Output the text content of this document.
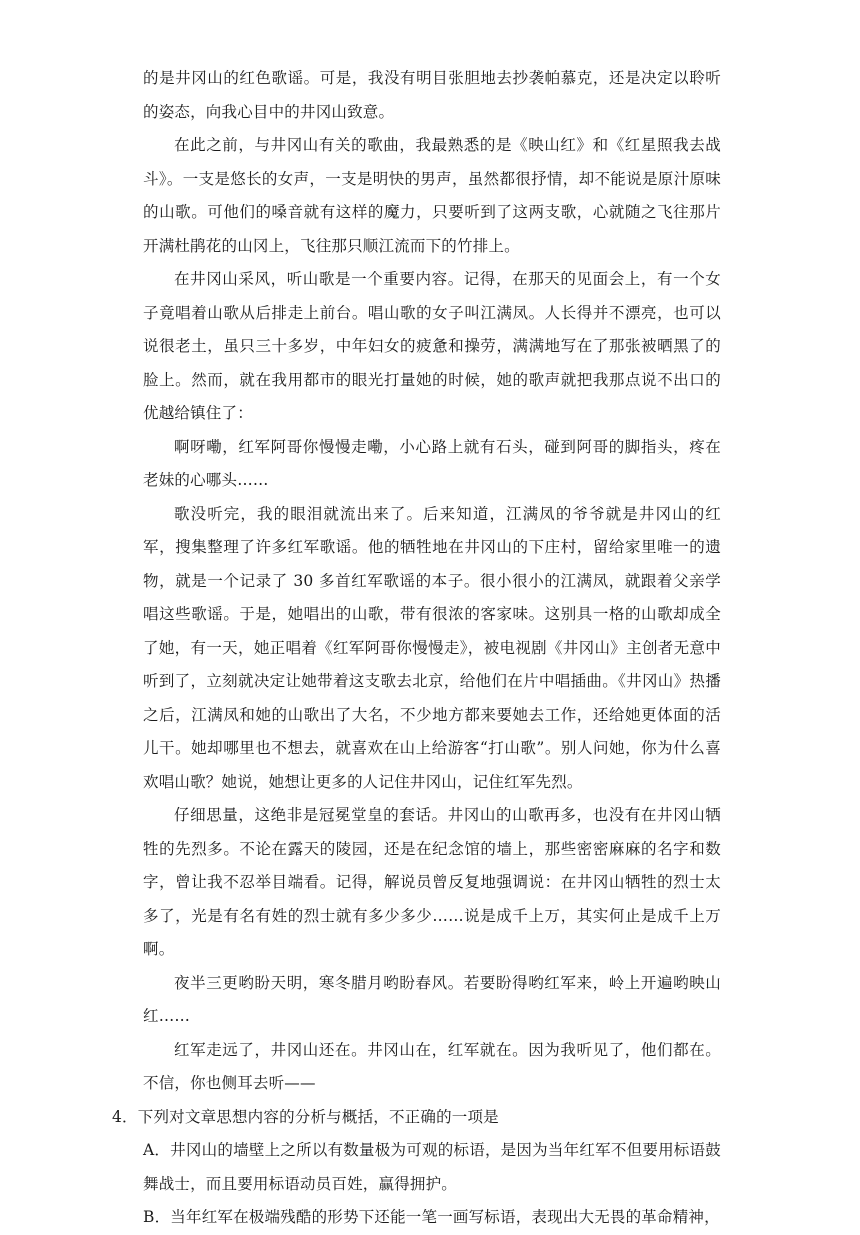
的是井冈山的红色歌谣。可是，我没有明目张胆地去抄袭帕慕克，还是决定以聆听的姿态，向我心目中的井冈山致意。

在此之前，与井冈山有关的歌曲，我最熟悉的是《映山红》和《红星照我去战斗》。一支是悠长的女声，一支是明快的男声，虽然都很抒情，却不能说是原汁原味的山歌。可他们的嗓音就有这样的魔力，只要听到了这两支歌，心就随之飞往那片开满杜鹃花的山冈上，飞往那只顺江流而下的竹排上。

在井冈山采风，听山歌是一个重要内容。记得，在那天的见面会上，有一个女子竟唱着山歌从后排走上前台。唱山歌的女子叫江满凤。人长得并不漂亮，也可以说很老土，虽只三十多岁，中年妇女的疲惫和操劳，满满地写在了那张被晒黑了的脸上。然而，就在我用都市的眼光打量她的时候，她的歌声就把我那点说不出口的优越给镇住了：

啊呀嘞，红军阿哥你慢慢走嘞，小心路上就有石头，碰到阿哥的脚指头，疼在老妹的心哪头……

歌没听完，我的眼泪就流出来了。后来知道，江满凤的爷爷就是井冈山的红军，搜集整理了许多红军歌谣。他的牺牲地在井冈山的下庄村，留给家里唯一的遗物，就是一个记录了 30 多首红军歌谣的本子。很小很小的江满凤，就跟着父亲学唱这些歌谣。于是，她唱出的山歌，带有很浓的客家味。这别具一格的山歌却成全了她，有一天，她正唱着《红军阿哥你慢慢走》，被电视剧《井冈山》主创者无意中听到了，立刻就决定让她带着这支歌去北京，给他们在片中唱插曲。《井冈山》热播之后，江满凤和她的山歌出了大名，不少地方都来要她去工作，还给她更体面的活儿干。她却哪里也不想去，就喜欢在山上给游客“打山歌”。别人问她，你为什么喜欢唱山歌？她说，她想让更多的人记住井冈山，记住红军先烈。

仔细思量，这绝非是冠冕堂皇的套话。井冈山的山歌再多，也没有在井冈山牺牲的先烈多。不论在露天的陵园，还是在纪念馆的墙上，那些密密麻麻的名字和数字，曾让我不忍举目端看。记得，解说员曾反复地强调说：在井冈山牺牲的烈士太多了，光是有名有姓的烈士就有多少多少……说是成千上万，其实何止是成千上万啊。

夜半三更哟盼天明，寒冬腊月哟盼春风。若要盼得哟红军来，岭上开遍哟映山红……

红军走远了，井冈山还在。井冈山在，红军就在。因为我听见了，他们都在。不信，你也侧耳去听——

4．下列对文章思想内容的分析与概括，不正确的一项是

A．井冈山的墙壁上之所以有数量极为可观的标语，是因为当年红军不但要用标语鼓舞战士，而且要用标语动员百姓，赢得拥护。

B．当年红军在极端残酷的形势下还能一笔一画写标语，表现出大无畏的革命精神，
